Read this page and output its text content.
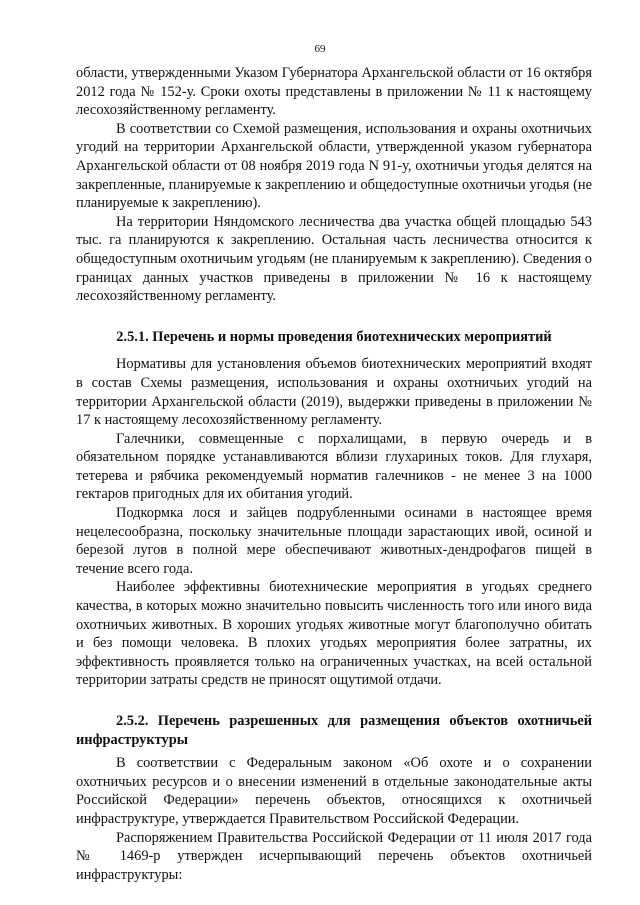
69

области, утвержденными Указом Губернатора Архангельской области от 16 октября 2012 года № 152-у. Сроки охоты представлены в приложении № 11 к настоящему лесохозяйственному регламенту.

В соответствии со Схемой размещения, использования и охраны охотничьих угодий на территории Архангельской области, утвержденной указом губернатора Архангельской области от 08 ноября 2019 года N 91-у, охотничьи угодья делятся на закрепленные, планируемые к закреплению и общедоступные охотничьи угодья (не планируемые к закреплению).

На территории Няндомского лесничества два участка общей площадью 543 тыс. га планируются к закреплению. Остальная часть лесничества относится к общедоступным охотничьим угодьям (не планируемым к закреплению). Сведения о границах данных участков приведены в приложении № 16 к настоящему лесохозяйственному регламенту.

2.5.1. Перечень и нормы проведения биотехнических мероприятий

Нормативы для установления объемов биотехнических мероприятий входят в состав Схемы размещения, использования и охраны охотничьих угодий на территории Архангельской области (2019), выдержки приведены в приложении № 17 к настоящему лесохозяйственному регламенту.

Галечники, совмещенные с порхалищами, в первую очередь и в обязательном порядке устанавливаются вблизи глухариных токов. Для глухаря, тетерева и рябчика рекомендуемый норматив галечников - не менее 3 на 1000 гектаров пригодных для их обитания угодий.

Подкормка лося и зайцев подрубленными осинами в настоящее время нецелесообразна, поскольку значительные площади зарастающих ивой, осиной и березой лугов в полной мере обеспечивают животных-дендрофагов пищей в течение всего года.

Наиболее эффективны биотехнические мероприятия в угодьях среднего качества, в которых можно значительно повысить численность того или иного вида охотничьих животных. В хороших угодьях животные могут благополучно обитать и без помощи человека. В плохих угодьях мероприятия более затратны, их эффективность проявляется только на ограниченных участках, на всей остальной территории затраты средств не приносят ощутимой отдачи.

2.5.2. Перечень разрешенных для размещения объектов охотничьей инфраструктуры

В соответствии с Федеральным законом «Об охоте и о сохранении охотничьих ресурсов и о внесении изменений в отдельные законодательные акты Российской Федерации» перечень объектов, относящихся к охотничьей инфраструктуре, утверждается Правительством Российской Федерации.

Распоряжением Правительства Российской Федерации от 11 июля 2017 года № 1469-р утвержден исчерпывающий перечень объектов охотничьей инфраструктуры:
